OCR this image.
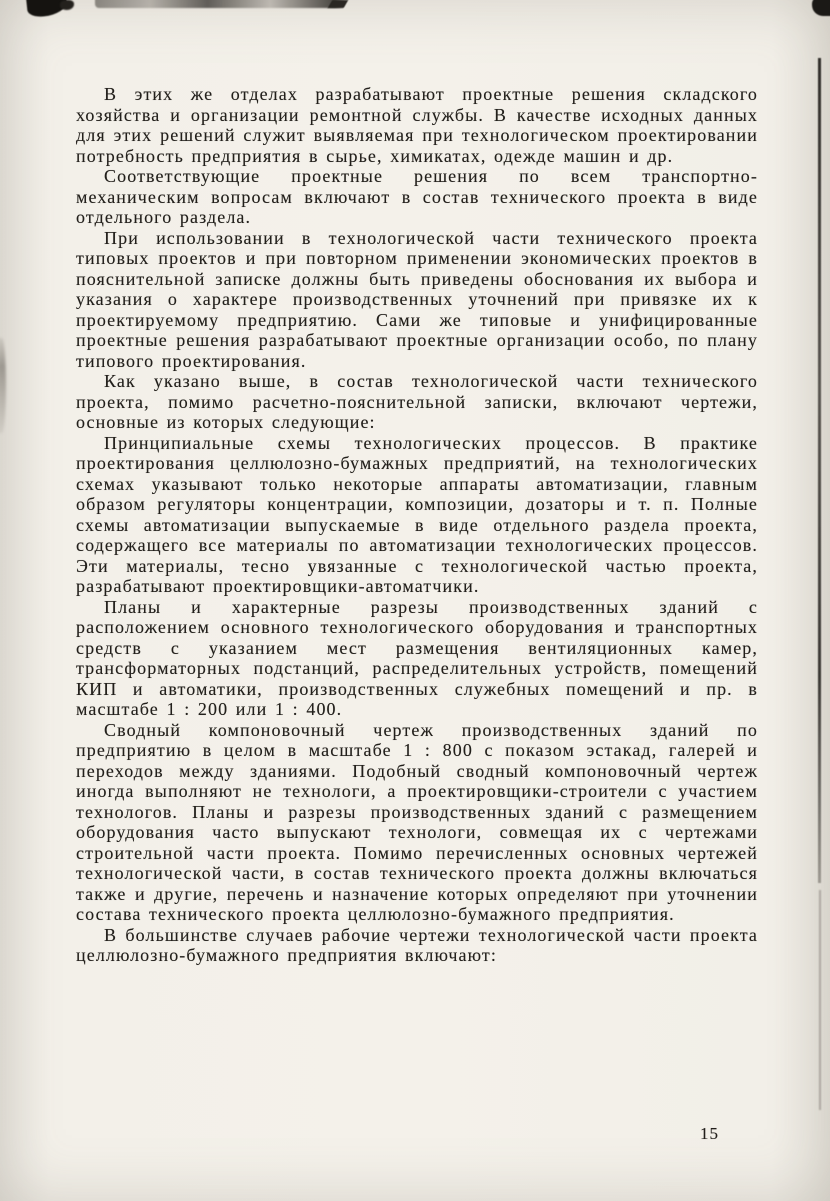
В этих же отделах разрабатывают проектные решения складского хозяйства и организации ремонтной службы. В качестве исходных данных для этих решений служит выявляемая при технологическом проектировании потребность предприятия в сырье, химикатах, одежде машин и др.

Соответствующие проектные решения по всем транспортно-механическим вопросам включают в состав технического проекта в виде отдельного раздела.

При использовании в технологической части технического проекта типовых проектов и при повторном применении экономических проектов в пояснительной записке должны быть приведены обоснования их выбора и указания о характере производственных уточнений при привязке их к проектируемому предприятию. Сами же типовые и унифицированные проектные решения разрабатывают проектные организации особо, по плану типового проектирования.

Как указано выше, в состав технологической части технического проекта, помимо расчетно-пояснительной записки, включают чертежи, основные из которых следующие:

Принципиальные схемы технологических процессов. В практике проектирования целлюлозно-бумажных предприятий, на технологических схемах указывают только некоторые аппараты автоматизации, главным образом регуляторы концентрации, композиции, дозаторы и т. п. Полные схемы автоматизации выпускаемые в виде отдельного раздела проекта, содержащего все материалы по автоматизации технологических процессов. Эти материалы, тесно увязанные с технологической частью проекта, разрабатывают проектировщики-автоматчики.

Планы и характерные разрезы производственных зданий с расположением основного технологического оборудования и транспортных средств с указанием мест размещения вентиляционных камер, трансформаторных подстанций, распределительных устройств, помещений КИП и автоматики, производственных служебных помещений и пр. в масштабе 1 : 200 или 1 : 400.

Сводный компоновочный чертеж производственных зданий по предприятию в целом в масштабе 1 : 800 с показом эстакад, галерей и переходов между зданиями. Подобный сводный компоновочный чертеж иногда выполняют не технологи, а проектировщики-строители с участием технологов. Планы и разрезы производственных зданий с размещением оборудования часто выпускают технологи, совмещая их с чертежами строительной части проекта. Помимо перечисленных основных чертежей технологической части, в состав технического проекта должны включаться также и другие, перечень и назначение которых определяют при уточнении состава технического проекта целлюлозно-бумажного предприятия.

В большинстве случаев рабочие чертежи технологической части проекта целлюлозно-бумажного предприятия включают:

15
